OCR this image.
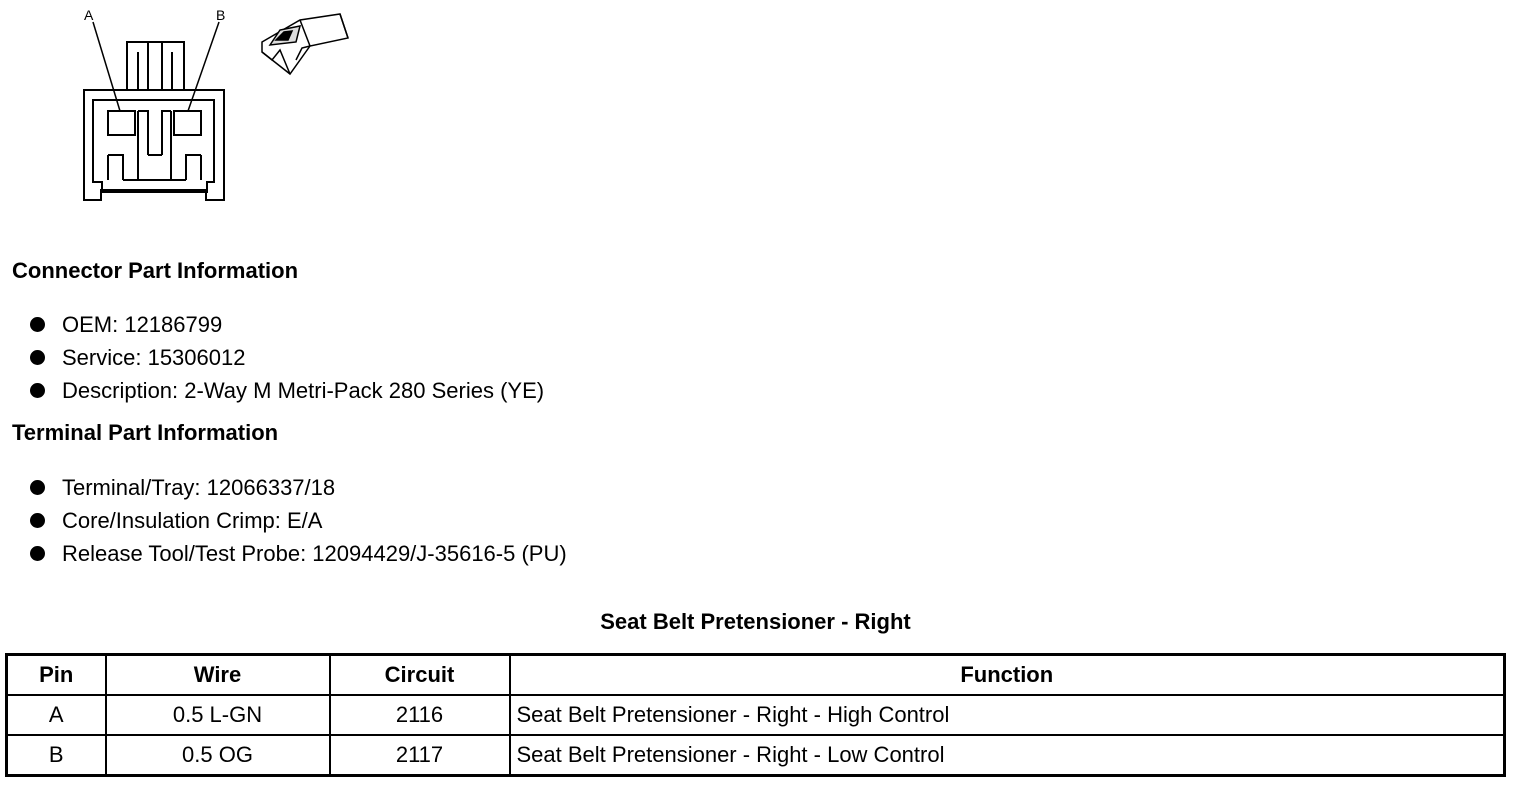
A	B
Connector Part Information
OEM: 12186799
Service: 15306012
Description: 2-Way M Metri-Pack 280 Series (YE)
Terminal Part Information
Terminal/Tray: 12066337/18
Core/Insulation Crimp: E/A
Release Tool/Test Probe: 12094429/J-35616-5 (PU)
Seat Belt Pretensioner - Right
Pin	Wire	Circuit	Function
A	0.5 L-GN	2116	Seat Belt Pretensioner - Right - High Control
B	0.5 OG	2117	Seat Belt Pretensioner - Right - Low Control
